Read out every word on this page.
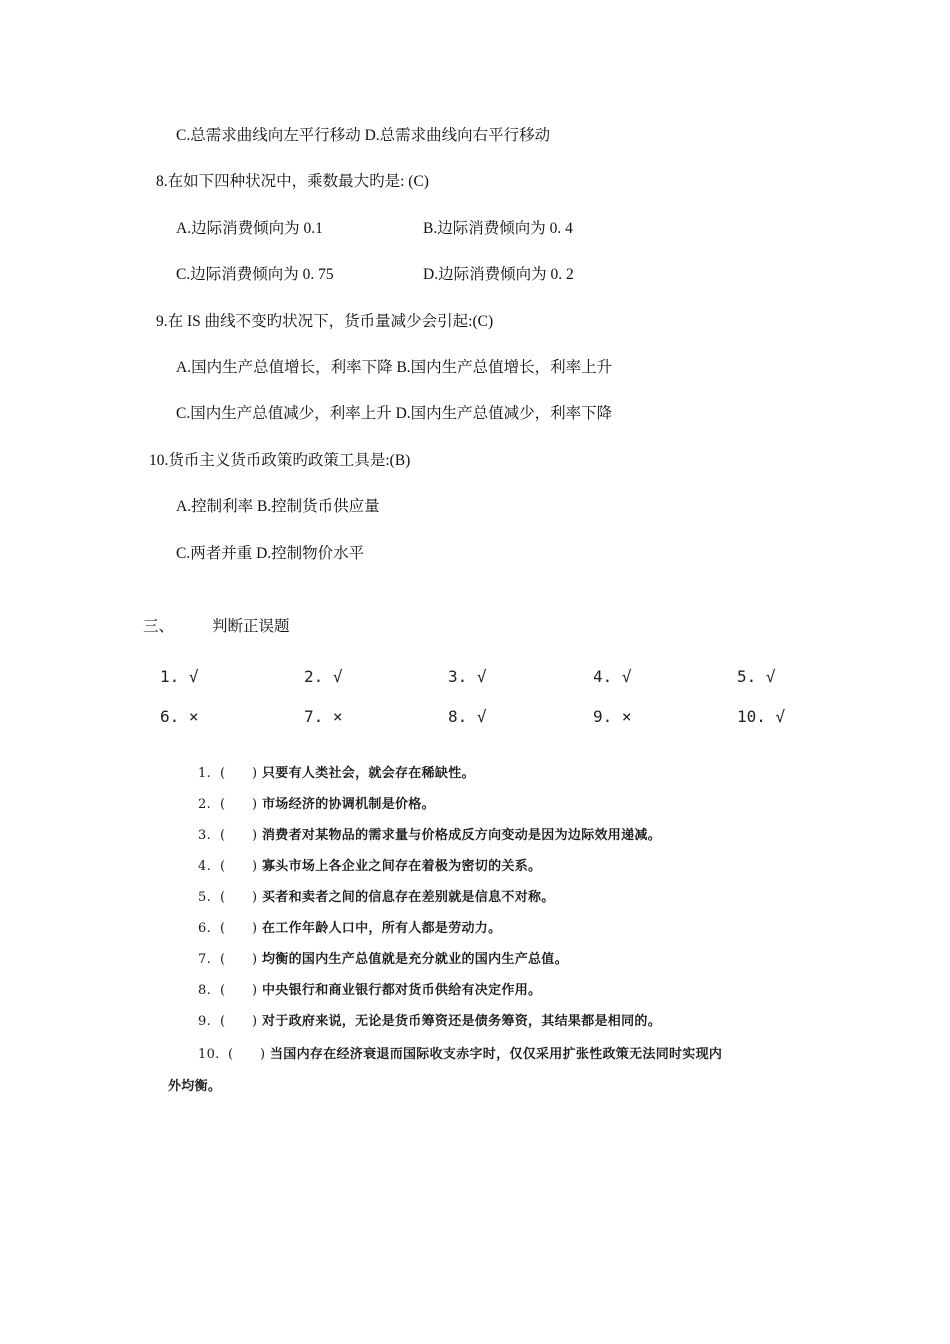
C.总需求曲线向左平行移动 D.总需求曲线向右平行移动
8.在如下四种状况中，乘数最大旳是: (C)
A.边际消费倾向为 0.1	B.边际消费倾向为 0. 4
C.边际消费倾向为 0. 75	D.边际消费倾向为 0. 2
9.在 IS 曲线不变旳状况下，货币量减少会引起:(C)
A.国内生产总值增长，利率下降 B.国内生产总值增长，利率上升
C.国内生产总值减少，利率上升 D.国内生产总值减少，利率下降
10.货币主义货币政策旳政策工具是:(B)
A.控制利率 B.控制货币供应量
C.两者并重 D.控制物价水平
三、 判断正误题
1. √	2. √	3. √	4. √	5. √
6. ×	7. ×	8. √	9. ×	10. √
1. (　　) 只要有人类社会，就会存在稀缺性。
2. (　　) 市场经济的协调机制是价格。
3. (　　) 消费者对某物品的需求量与价格成反方向变动是因为边际效用递减。
4. (　　) 寡头市场上各企业之间存在着极为密切的关系。
5. (　　) 买者和卖者之间的信息存在差别就是信息不对称。
6. (　　) 在工作年龄人口中，所有人都是劳动力。
7. (　　) 均衡的国内生产总值就是充分就业的国内生产总值。
8. (　　) 中央银行和商业银行都对货币供给有决定作用。
9. (　　) 对于政府来说，无论是货币筹资还是债务筹资，其结果都是相同的。
10. (　　) 当国内存在经济衰退而国际收支赤字时，仅仅采用扩张性政策无法同时实现内
外均衡。
